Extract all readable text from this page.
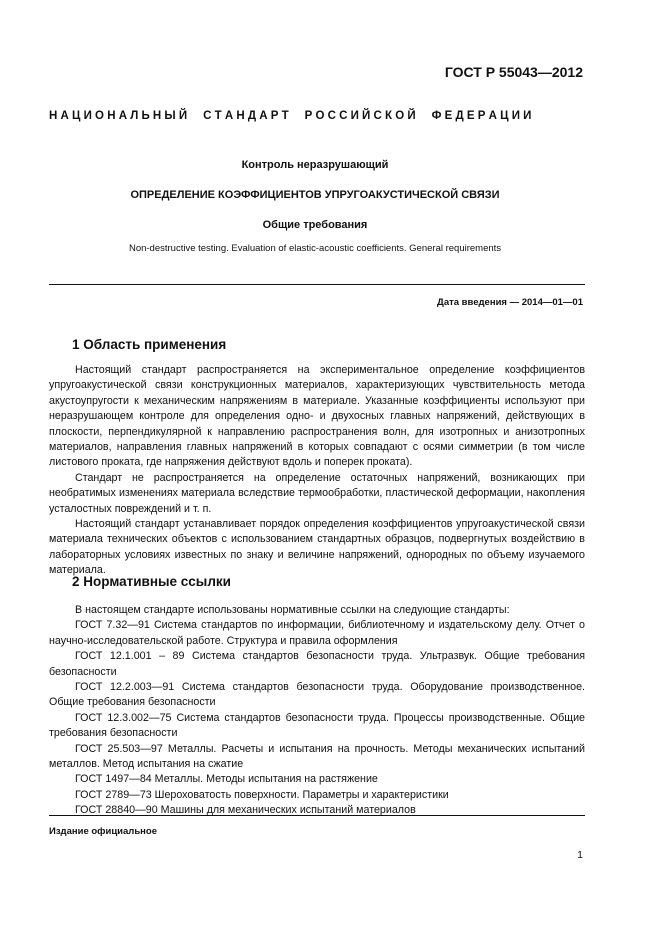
ГОСТ Р 55043—2012
Н А Ц И О Н А Л Ь Н Ы Й     С Т А Н Д А Р Т     Р О С С И Й С К О Й     Ф Е Д Е Р А Ц И И
Контроль неразрушающий
ОПРЕДЕЛЕНИЕ КОЭФФИЦИЕНТОВ УПРУГОАКУСТИЧЕСКОЙ СВЯЗИ
Общие требования
Non-destructive testing. Evaluation of elastic-acoustic coefficients. General requirements
Дата введения — 2014—01—01
1 Область применения

Настоящий стандарт распространяется на экспериментальное определение коэффициентов упругоакустической связи конструкционных материалов, характеризующих чувствительность метода акустоупругости к механическим напряжениям в материале. Указанные коэффициенты используют при неразрушающем контроле для определения одно- и двухосных главных напряжений, действующих в плоскости, перпендикулярной к направлению распространения волн, для изотропных и анизотропных материалов, направления главных напряжений в которых совпадают с осями симметрии (в том числе листового проката, где напряжения действуют вдоль и поперек проката).

Стандарт не распространяется на определение остаточных напряжений, возникающих при необратимых изменениях материала вследствие термообработки, пластической деформации, накопления усталостных повреждений и т. п.

Настоящий стандарт устанавливает порядок определения коэффициентов упругоакустической связи материала технических объектов с использованием стандартных образцов, подвергнутых воздействию в лабораторных условиях известных по знаку и величине напряжений, однородных по объему изучаемого материала.

2 Нормативные ссылки

В настоящем стандарте использованы нормативные ссылки на следующие стандарты:

ГОСТ 7.32—91 Система стандартов по информации, библиотечному и издательскому делу. Отчет о научно-исследовательской работе. Структура и правила оформления

ГОСТ 12.1.001 – 89 Система стандартов безопасности труда. Ультразвук. Общие требования безопасности

ГОСТ 12.2.003—91 Система стандартов безопасности труда. Оборудование производственное. Общие требования безопасности

ГОСТ 12.3.002—75 Система стандартов безопасности труда. Процессы производственные. Общие требования безопасности

ГОСТ 25.503—97 Металлы. Расчеты и испытания на прочность. Методы механических испытаний металлов. Метод испытания на сжатие

ГОСТ 1497—84 Металлы. Методы испытания на растяжение

ГОСТ 2789—73 Шероховатость поверхности. Параметры и характеристики

ГОСТ 28840—90 Машины для механических испытаний материалов

Издание официальное
1
